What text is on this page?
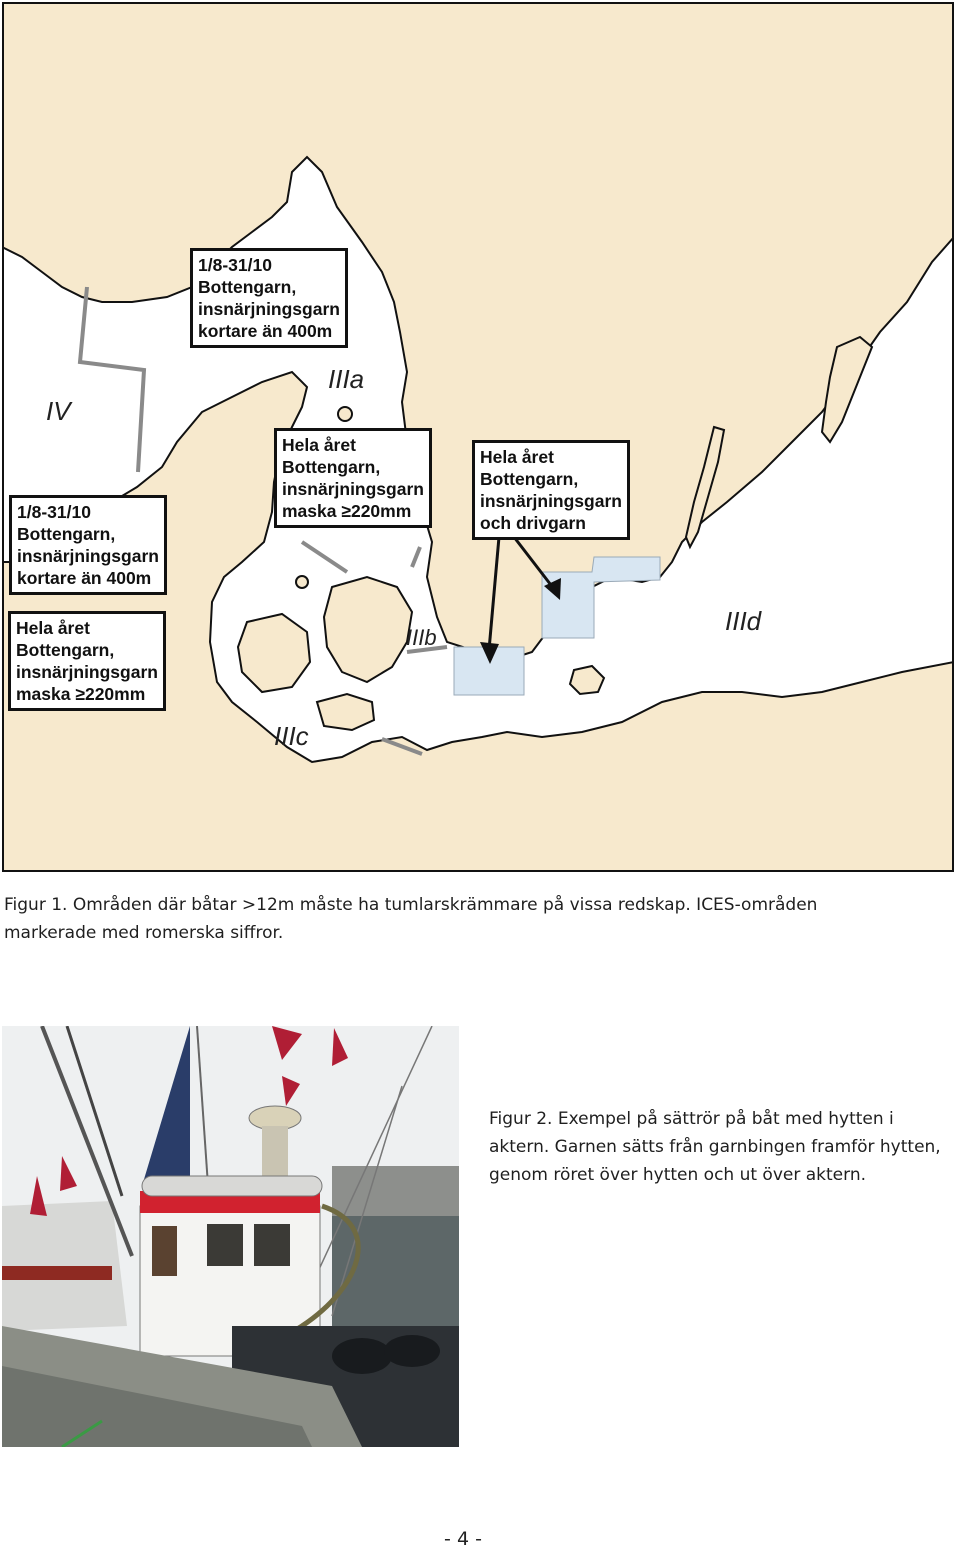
IV
IIIa
IIIb
IIIc
IIId
1/8-31/10
Bottengarn,
insnärjningsgarn
kortare än 400m
Hela året
Bottengarn,
insnärjningsgarn
maska ≥220mm
Hela året
Bottengarn,
insnärjningsgarn
och drivgarn
1/8-31/10
Bottengarn,
insnärjningsgarn
kortare än 400m
Hela året
Bottengarn,
insnärjningsgarn
maska ≥220mm

Figur 1. Områden där båtar >12m måste ha tumlarskrämmare på vissa redskap. ICES-områden
markerade med romerska siffror.

Figur 2. Exempel på sättrör på båt med hytten i
aktern. Garnen sätts från garnbingen framför hytten,
genom röret över hytten och ut över aktern.

- 4 -
